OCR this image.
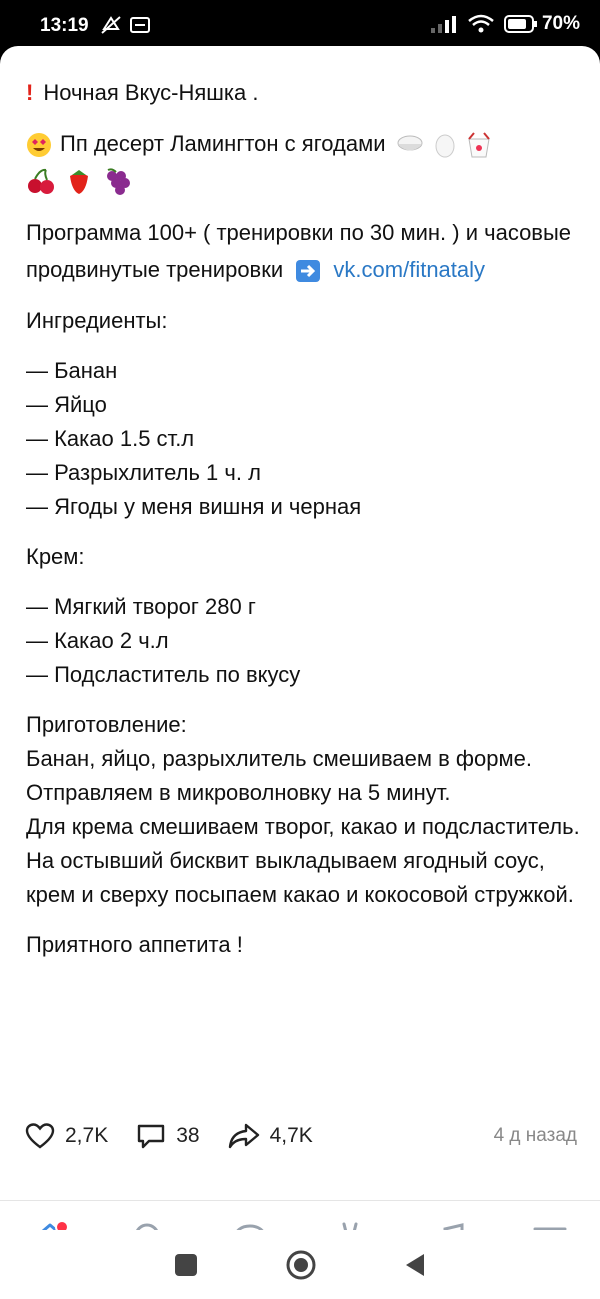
13:19	70%

! Ночная Вкус-Няшка .

Пп десерт Ламингтон с ягодами

Программа 100+ ( тренировки по 30 мин. ) и часовые продвинутые тренировки vk.com/fitnataly

Ингредиенты:

— Банан

— Яйцо

— Какао 1.5 ст.л

— Разрыхлитель 1 ч. л

— Ягоды у меня вишня и черная

Крем:

— Мягкий творог 280 г

— Какао 2 ч.л

— Подсластитель по вкусу

Приготовление:

Банан, яйцо, разрыхлитель смешиваем в форме. Отправляем в микроволновку на 5 минут.

Для крема смешиваем творог, какао и подсластитель.

На остывший бисквит выкладываем ягодный соус, крем и сверху посыпаем какао и кокосовой стружкой.

Приятного аппетита !

2,7K	38	4,7K	4 д назад
